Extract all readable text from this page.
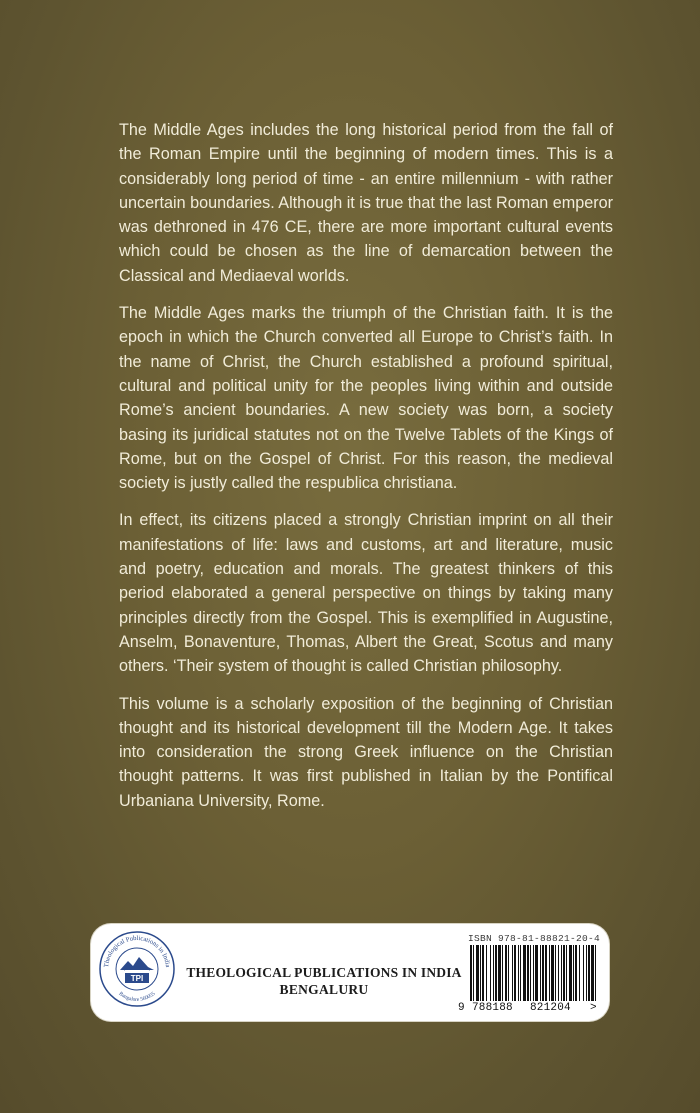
The Middle Ages includes the long historical period from the fall of the Roman Empire until the beginning of modern times. This is a considerably long period of time - an entire millennium - with rather uncertain boundaries. Although it is true that the last Roman emperor was dethroned in 476 CE, there are more important cultural events which could be chosen as the line of demarcation between the Classical and Mediaeval worlds.

The Middle Ages marks the triumph of the Christian faith. It is the epoch in which the Church converted all Europe to Christ’s faith. In the name of Christ, the Church established a profound spiritual, cultural and political unity for the peoples living within and outside Rome’s ancient boundaries. A new society was born, a society basing its juridical statutes not on the Twelve Tablets of the Kings of Rome, but on the Gospel of Christ. For this reason, the medieval society is justly called the respublica christiana.

In effect, its citizens placed a strongly Christian imprint on all their manifestations of life: laws and customs, art and literature, music and poetry, education and morals. The greatest thinkers of this period elaborated a general perspective on things by taking many principles directly from the Gospel. This is exemplified in Augustine, Anselm, Bonaventure, Thomas, Albert the Great, Scotus and many others. ‘Their system of thought is called Christian philosophy.

This volume is a scholarly exposition of the beginning of Christian thought and its historical development till the Modern Age. It takes into consideration the strong Greek influence on the Christian thought patterns. It was first published in Italian by the Pontifical Urbaniana University, Rome.

Theological Publications in India
Bangalore 560055
TPI	THEOLOGICAL PUBLICATIONS IN INDIA
BENGALURU
ISBN 978-81-88821-20-4
9 788188 821204 >
